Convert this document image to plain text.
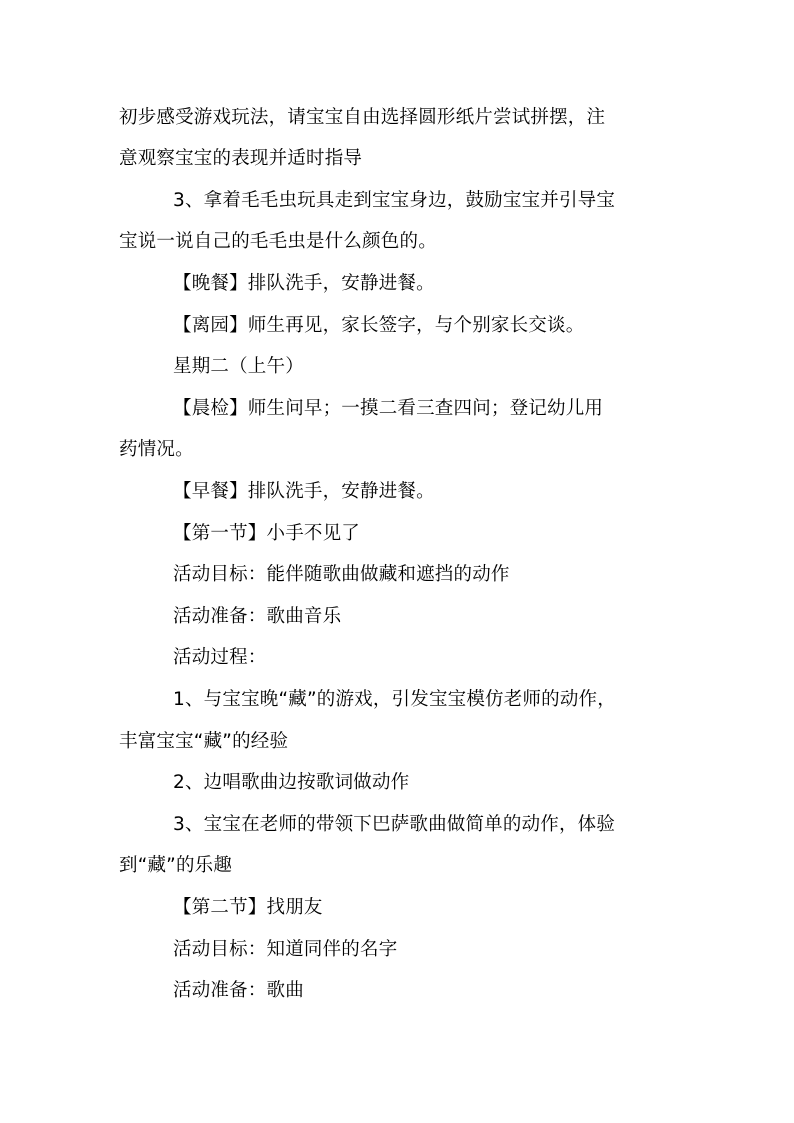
初步感受游戏玩法，请宝宝自由选择圆形纸片尝试拼摆，注
意观察宝宝的表现并适时指导
3、拿着毛毛虫玩具走到宝宝身边，鼓励宝宝并引导宝
宝说一说自己的毛毛虫是什么颜色的。
【晚餐】排队洗手，安静进餐。
【离园】师生再见，家长签字，与个别家长交谈。
星期二（上午）
【晨检】师生问早；一摸二看三查四问；登记幼儿用
药情况。
【早餐】排队洗手，安静进餐。
【第一节】小手不见了
活动目标：能伴随歌曲做藏和遮挡的动作
活动准备：歌曲音乐
活动过程：
1、与宝宝晚“藏”的游戏，引发宝宝模仿老师的动作，
丰富宝宝“藏”的经验
2、边唱歌曲边按歌词做动作
3、宝宝在老师的带领下巴萨歌曲做简单的动作，体验
到“藏”的乐趣
【第二节】找朋友
活动目标：知道同伴的名字
活动准备：歌曲
